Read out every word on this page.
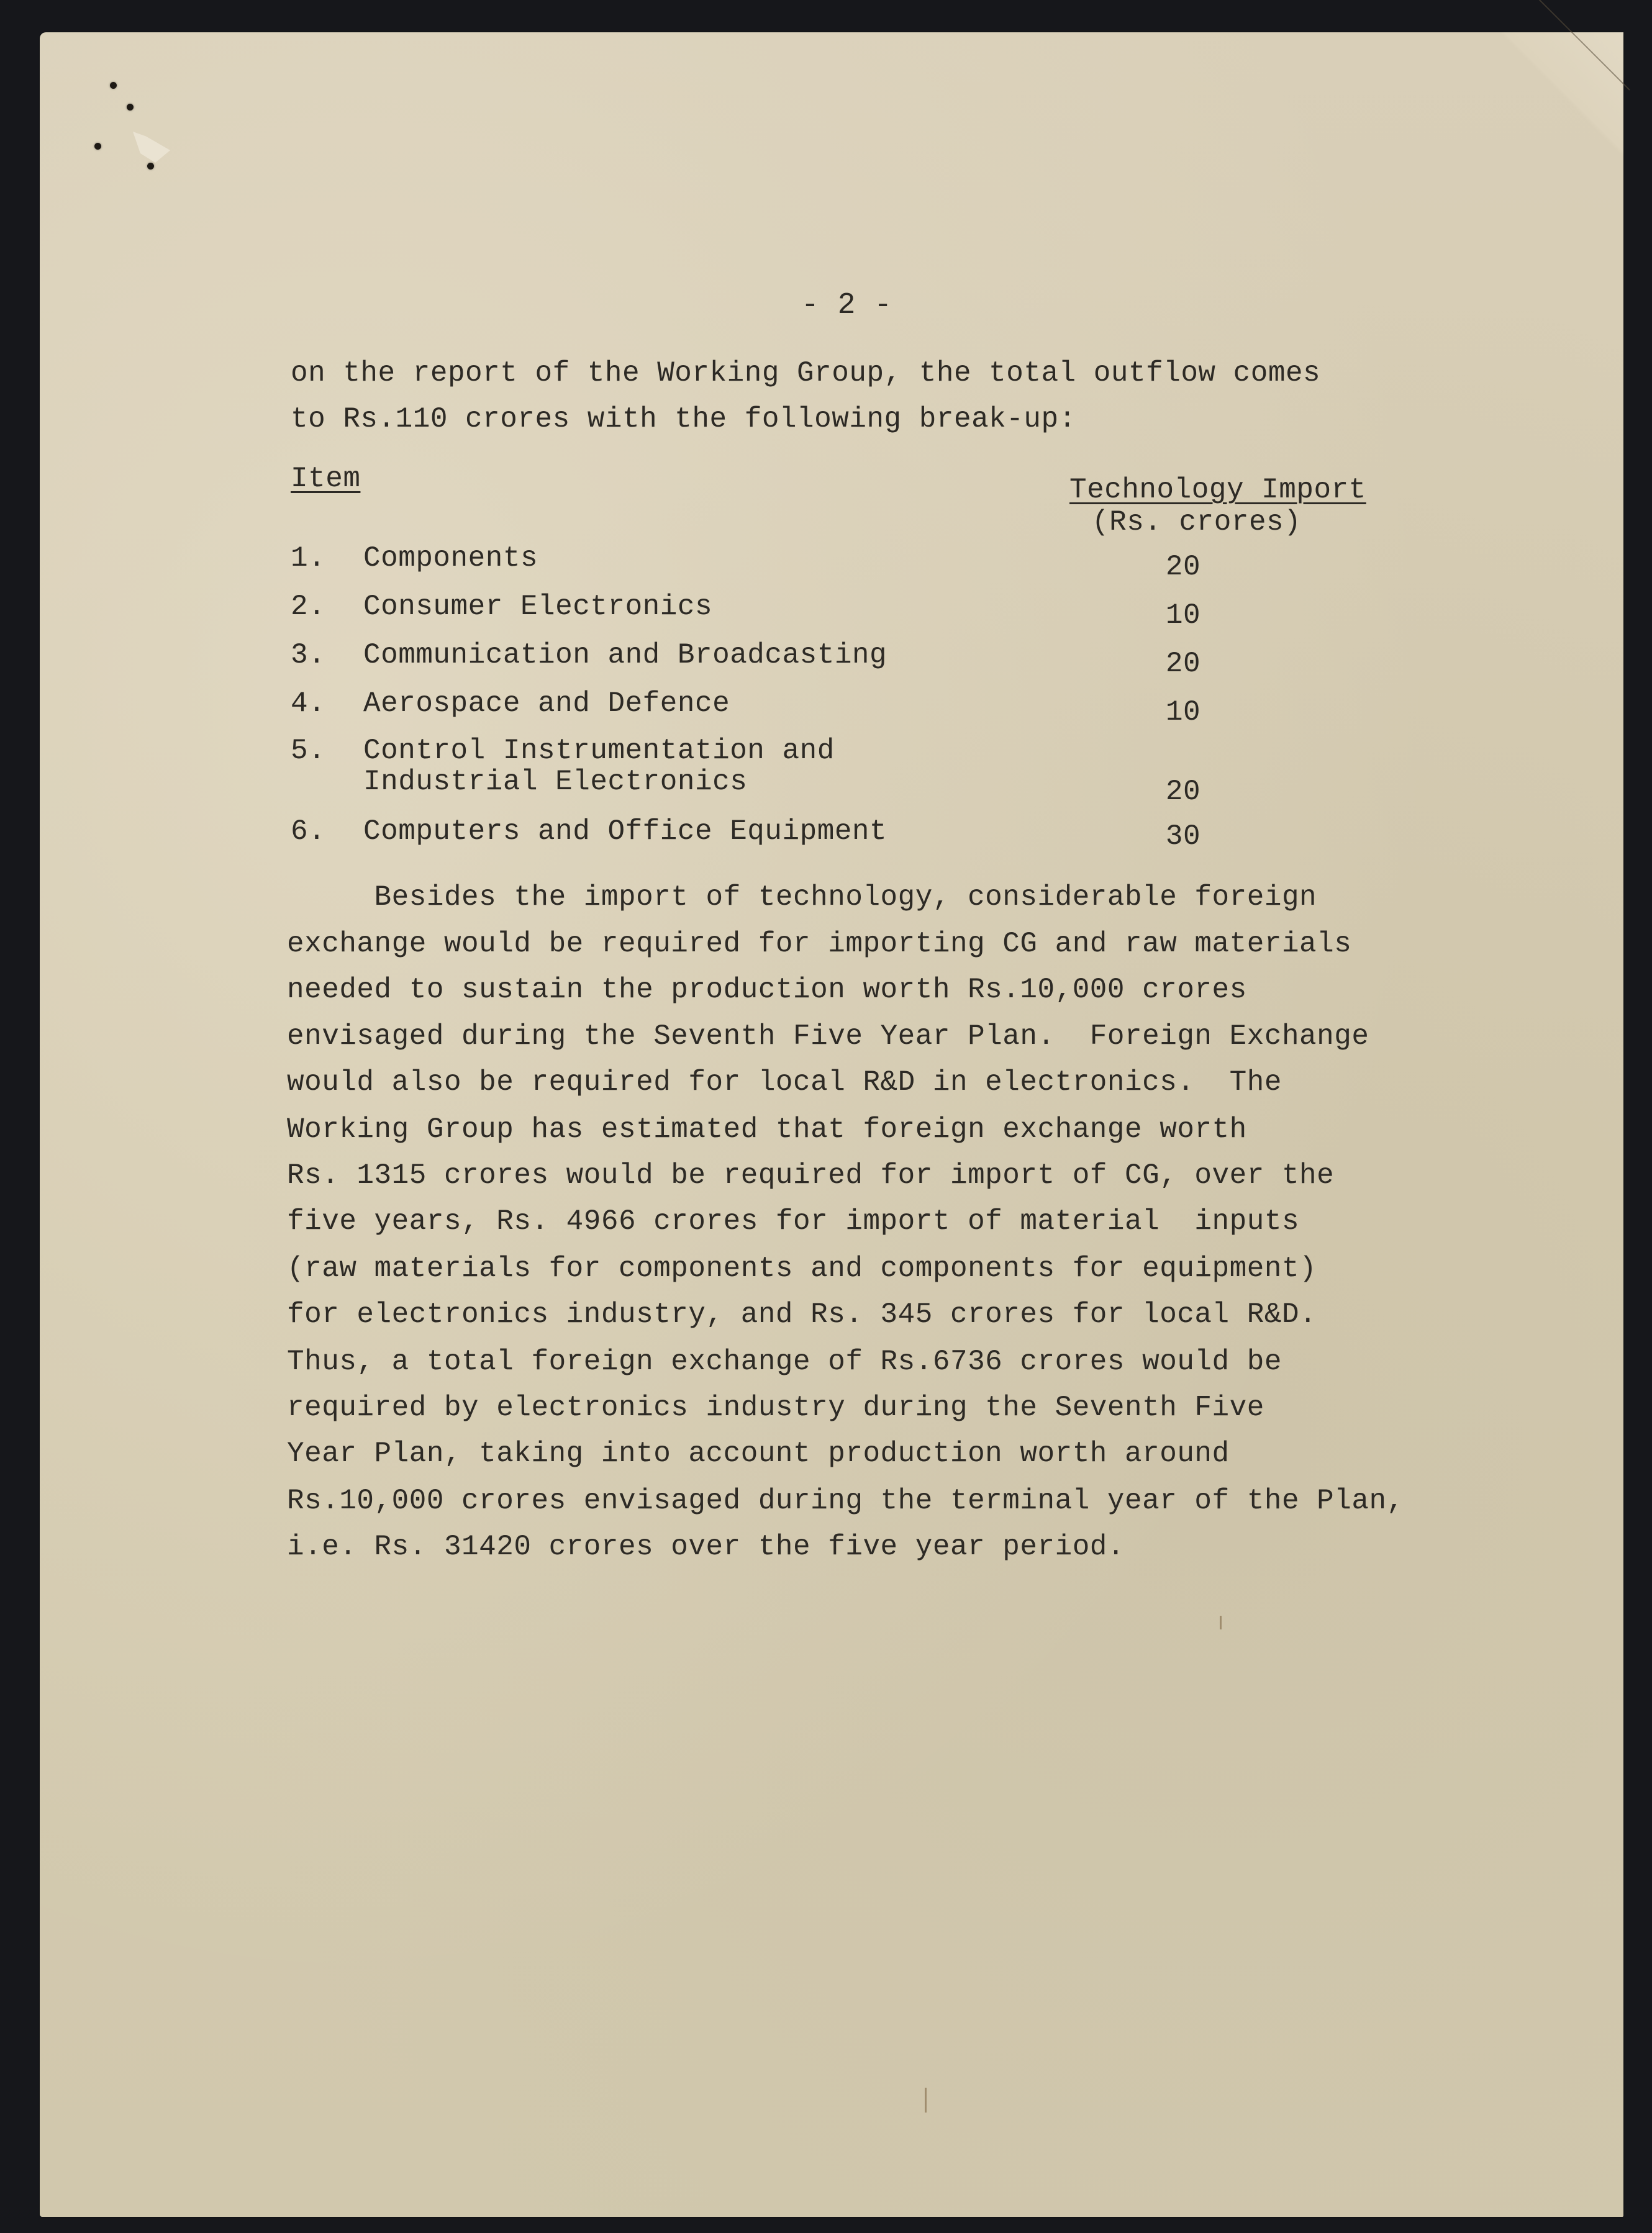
- 2 -
on the report of the Working Group, the total outflow comes
to Rs.110 crores with the following break-up:
Item	Technology Import
(Rs. crores)
1. Components	20
2. Consumer Electronics	10
3. Communication and Broadcasting	20
4. Aerospace and Defence	10
5. Control Instrumentation and
Industrial Electronics	20
6. Computers and Office Equipment	30
Besides the import of technology, considerable foreign
exchange would be required for importing CG and raw materials
needed to sustain the production worth Rs.10,000 crores
envisaged during the Seventh Five Year Plan.  Foreign Exchange
would also be required for local R&D in electronics.  The
Working Group has estimated that foreign exchange worth
Rs. 1315 crores would be required for import of CG, over the
five years, Rs. 4966 crores for import of material  inputs
(raw materials for components and components for equipment)
for electronics industry, and Rs. 345 crores for local R&D.
Thus, a total foreign exchange of Rs.6736 crores would be
required by electronics industry during the Seventh Five
Year Plan, taking into account production worth around
Rs.10,000 crores envisaged during the terminal year of the Plan,
i.e. Rs. 31420 crores over the five year period.
